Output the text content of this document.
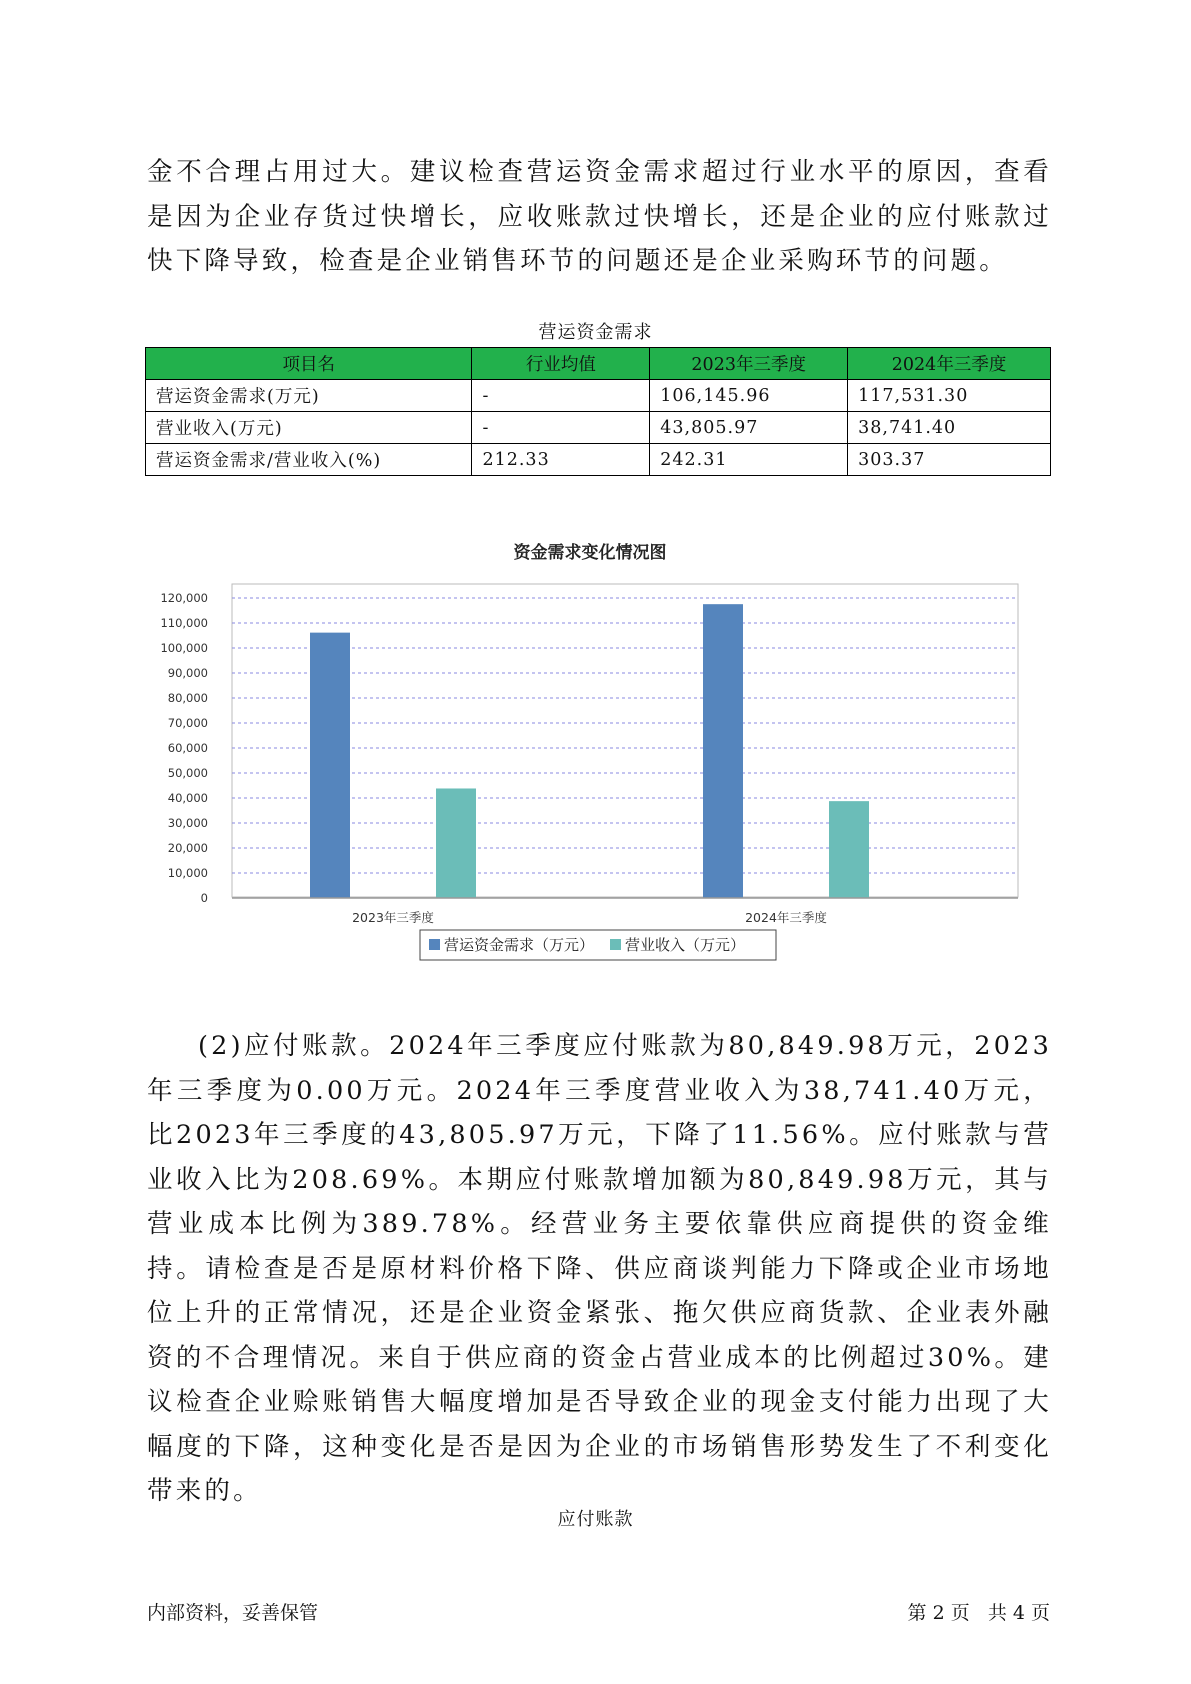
金不合理占用过大。建议检查营运资金需求超过行业水平的原因，查看是因为企业存货过快增长，应收账款过快增长，还是企业的应付账款过快下降导致，检查是企业销售环节的问题还是企业采购环节的问题。

营运资金需求
项目名	行业均值	2023年三季度	2024年三季度
营运资金需求(万元)	-	106,145.96	117,531.30
营业收入(万元)	-	43,805.97	38,741.40
营运资金需求/营业收入(%)	212.33	242.31	303.37
资金需求变化情况图
0
10,000
20,000
30,000
40,000
50,000
60,000
70,000
80,000
90,000
100,000
110,000
120,000
2023年三季度	2024年三季度
营运资金需求（万元） 营业收入（万元）

(2)应付账款。2024年三季度应付账款为80,849.98万元，2023年三季度为0.00万元。2024年三季度营业收入为38,741.40万元，比2023年三季度的43,805.97万元，下降了11.56%。应付账款与营业收入比为208.69%。本期应付账款增加额为80,849.98万元，其与营业成本比例为389.78%。经营业务主要依靠供应商提供的资金维持。请检查是否是原材料价格下降、供应商谈判能力下降或企业市场地位上升的正常情况，还是企业资金紧张、拖欠供应商货款、企业表外融资的不合理情况。来自于供应商的资金占营业成本的比例超过30%。建议检查企业赊账销售大幅度增加是否导致企业的现金支付能力出现了大幅度的下降，这种变化是否是因为企业的市场销售形势发生了不利变化带来的。

应付账款
内部资料，妥善保管	第 2 页   共 4 页
